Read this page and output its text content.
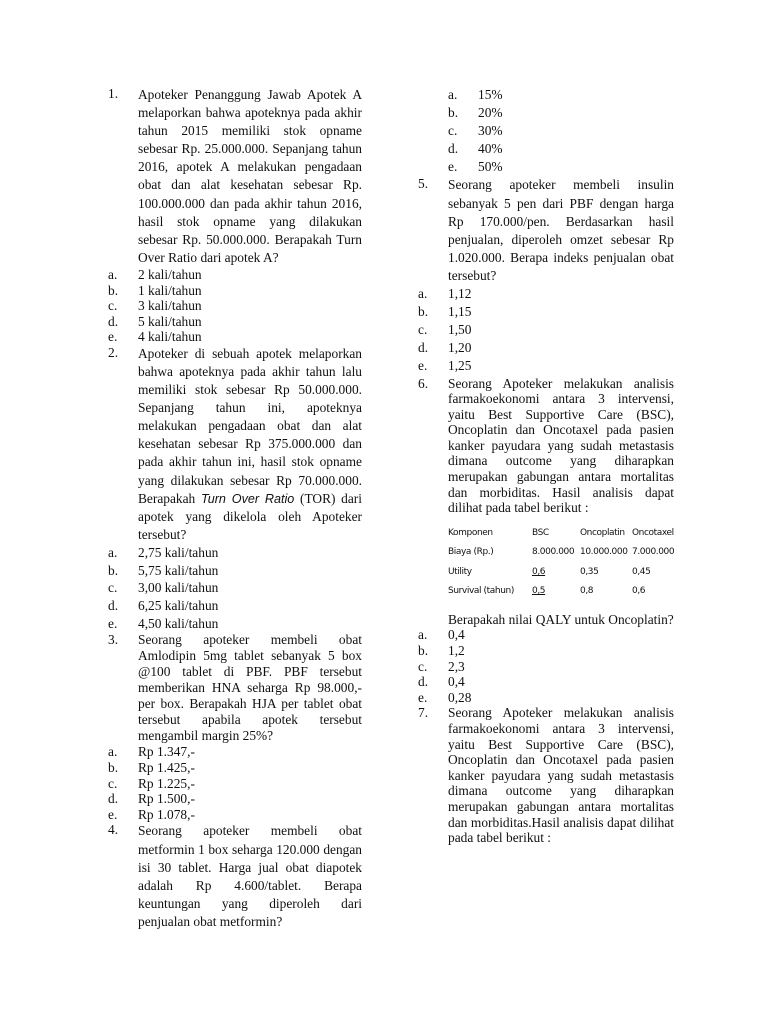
1. Apoteker Penanggung Jawab Apotek A melaporkan bahwa apoteknya pada akhir tahun 2015 memiliki stok opname sebesar Rp. 25.000.000. Sepanjang tahun 2016, apotek A melakukan pengadaan obat dan alat kesehatan sebesar Rp. 100.000.000 dan pada akhir tahun 2016, hasil stok opname yang dilakukan sebesar Rp. 50.000.000. Berapakah Turn Over Ratio dari apotek A?
a. 2 kali/tahun
b. 1 kali/tahun
c. 3 kali/tahun
d. 5 kali/tahun
e. 4 kali/tahun
2. Apoteker di sebuah apotek melaporkan bahwa apoteknya pada akhir tahun lalu memiliki stok sebesar Rp 50.000.000. Sepanjang tahun ini, apoteknya melakukan pengadaan obat dan alat kesehatan sebesar Rp 375.000.000 dan pada akhir tahun ini, hasil stok opname yang dilakukan sebesar Rp 70.000.000. Berapakah Turn Over Ratio (TOR) dari apotek yang dikelola oleh Apoteker tersebut?
a. 2,75 kali/tahun
b. 5,75 kali/tahun
c. 3,00 kali/tahun
d. 6,25 kali/tahun
e. 4,50 kali/tahun
3. Seorang apoteker membeli obat Amlodipin 5mg tablet sebanyak 5 box @100 tablet di PBF. PBF tersebut memberikan HNA seharga Rp 98.000,- per box. Berapakah HJA per tablet obat tersebut apabila apotek tersebut mengambil margin 25%?
a. Rp 1.347,-
b. Rp 1.425,-
c. Rp 1.225,-
d. Rp 1.500,-
e. Rp 1.078,-
4. Seorang apoteker membeli obat metformin 1 box seharga 120.000 dengan isi 30 tablet. Harga jual obat diapotek adalah Rp 4.600/tablet. Berapa keuntungan yang diperoleh dari penjualan obat metformin?
a. 15%
b. 20%
c. 30%
d. 40%
e. 50%
5. Seorang apoteker membeli insulin sebanyak 5 pen dari PBF dengan harga Rp 170.000/pen. Berdasarkan hasil penjualan, diperoleh omzet sebesar Rp 1.020.000. Berapa indeks penjualan obat tersebut?
a. 1,12
b. 1,15
c. 1,50
d. 1,20
e. 1,25
6. Seorang Apoteker melakukan analisis farmakoekonomi antara 3 intervensi, yaitu Best Supportive Care (BSC), Oncoplatin dan Oncotaxel pada pasien kanker payudara yang sudah metastasis dimana outcome yang diharapkan merupakan gabungan antara mortalitas dan morbiditas. Hasil analisis dapat dilihat pada tabel berikut :
Komponen	BSC	Oncoplatin	Oncotaxel
Biaya (Rp.)	8.000.000	10.000.000	7.000.000
Utility	0,6	0,35	0,45
Survival (tahun)	0,5	0,8	0,6
Berapakah nilai QALY untuk Oncoplatin?
a. 0,4
b. 1,2
c. 2,3
d. 0,4
e. 0,28
7. Seorang Apoteker melakukan analisis farmakoekonomi antara 3 intervensi, yaitu Best Supportive Care (BSC), Oncoplatin dan Oncotaxel pada pasien kanker payudara yang sudah metastasis dimana outcome yang diharapkan merupakan gabungan antara mortalitas dan morbiditas.Hasil analisis dapat dilihat pada tabel berikut :
